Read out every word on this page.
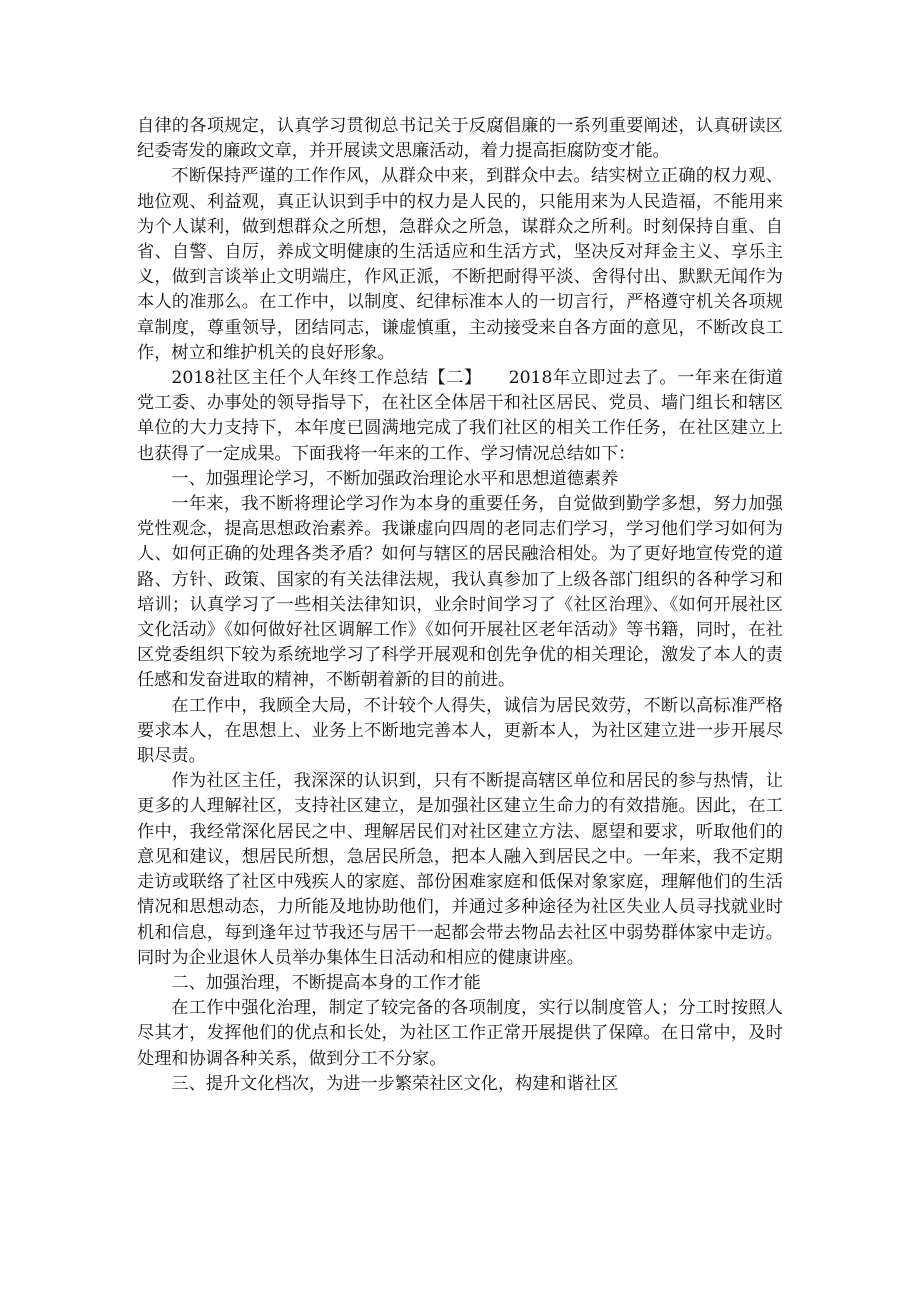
自律的各项规定，认真学习贯彻总书记关于反腐倡廉的一系列重要阐述，认真研读区纪委寄发的廉政文章，并开展读文思廉活动，着力提高拒腐防变才能。

不断保持严谨的工作作风，从群众中来，到群众中去。结实树立正确的权力观、地位观、利益观，真正认识到手中的权力是人民的，只能用来为人民造福，不能用来为个人谋利，做到想群众之所想，急群众之所急，谋群众之所利。时刻保持自重、自省、自警、自厉，养成文明健康的生活适应和生活方式，坚决反对拜金主义、享乐主义，做到言谈举止文明端庄，作风正派，不断把耐得平淡、舍得付出、默默无闻作为本人的准那么。在工作中，以制度、纪律标准本人的一切言行，严格遵守机关各项规章制度，尊重领导，团结同志，谦虚慎重，主动接受来自各方面的意见，不断改良工作，树立和维护机关的良好形象。

2018社区主任个人年终工作总结【二】　　2018年立即过去了。一年来在街道党工委、办事处的领导指导下，在社区全体居干和社区居民、党员、墙门组长和辖区单位的大力支持下，本年度已圆满地完成了我们社区的相关工作任务，在社区建立上也获得了一定成果。下面我将一年来的工作、学习情况总结如下：

一、加强理论学习，不断加强政治理论水平和思想道德素养

一年来，我不断将理论学习作为本身的重要任务，自觉做到勤学多想，努力加强党性观念，提高思想政治素养。我谦虚向四周的老同志们学习，学习他们学习如何为人、如何正确的处理各类矛盾？如何与辖区的居民融洽相处。为了更好地宣传党的道路、方针、政策、国家的有关法律法规，我认真参加了上级各部门组织的各种学习和培训；认真学习了一些相关法律知识，业余时间学习了《社区治理》、《如何开展社区文化活动》《如何做好社区调解工作》《如何开展社区老年活动》等书籍，同时，在社区党委组织下较为系统地学习了科学开展观和创先争优的相关理论，激发了本人的责任感和发奋进取的精神，不断朝着新的目的前进。

在工作中，我顾全大局，不计较个人得失，诚信为居民效劳，不断以高标准严格要求本人，在思想上、业务上不断地完善本人，更新本人，为社区建立进一步开展尽职尽责。

作为社区主任，我深深的认识到，只有不断提高辖区单位和居民的参与热情，让更多的人理解社区，支持社区建立，是加强社区建立生命力的有效措施。因此，在工作中，我经常深化居民之中、理解居民们对社区建立方法、愿望和要求，听取他们的意见和建议，想居民所想，急居民所急，把本人融入到居民之中。一年来，我不定期走访或联络了社区中残疾人的家庭、部份困难家庭和低保对象家庭，理解他们的生活情况和思想动态，力所能及地协助他们，并通过多种途径为社区失业人员寻找就业时机和信息，每到逢年过节我还与居干一起都会带去物品去社区中弱势群体家中走访。同时为企业退休人员举办集体生日活动和相应的健康讲座。

二、加强治理，不断提高本身的工作才能

在工作中强化治理，制定了较完备的各项制度，实行以制度管人；分工时按照人尽其才，发挥他们的优点和长处，为社区工作正常开展提供了保障。在日常中，及时处理和协调各种关系，做到分工不分家。

三、提升文化档次，为进一步繁荣社区文化，构建和谐社区
